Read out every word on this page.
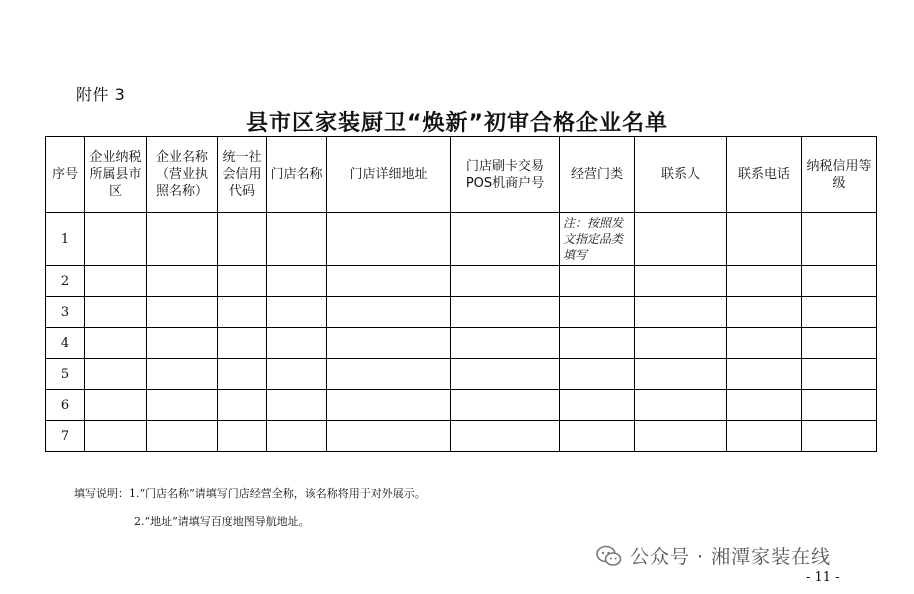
附件 3
县市区家装厨卫“焕新”初审合格企业名单
序号	企业纳税所属县市区	企业名称（营业执照名称）	统一社会信用代码	门店名称	门店详细地址	门店刷卡交易POS机商户号	经营门类	联系人	联系电话	纳税信用等级
1							注：按照发文指定品类填写			
2										
3										
4										
5										
6										
7										
填写说明：1.“门店名称”请填写门店经营全称，该名称将用于对外展示。
2.“地址”请填写百度地图导航地址。
公众号 · 湘潭家装在线
- 11 -
